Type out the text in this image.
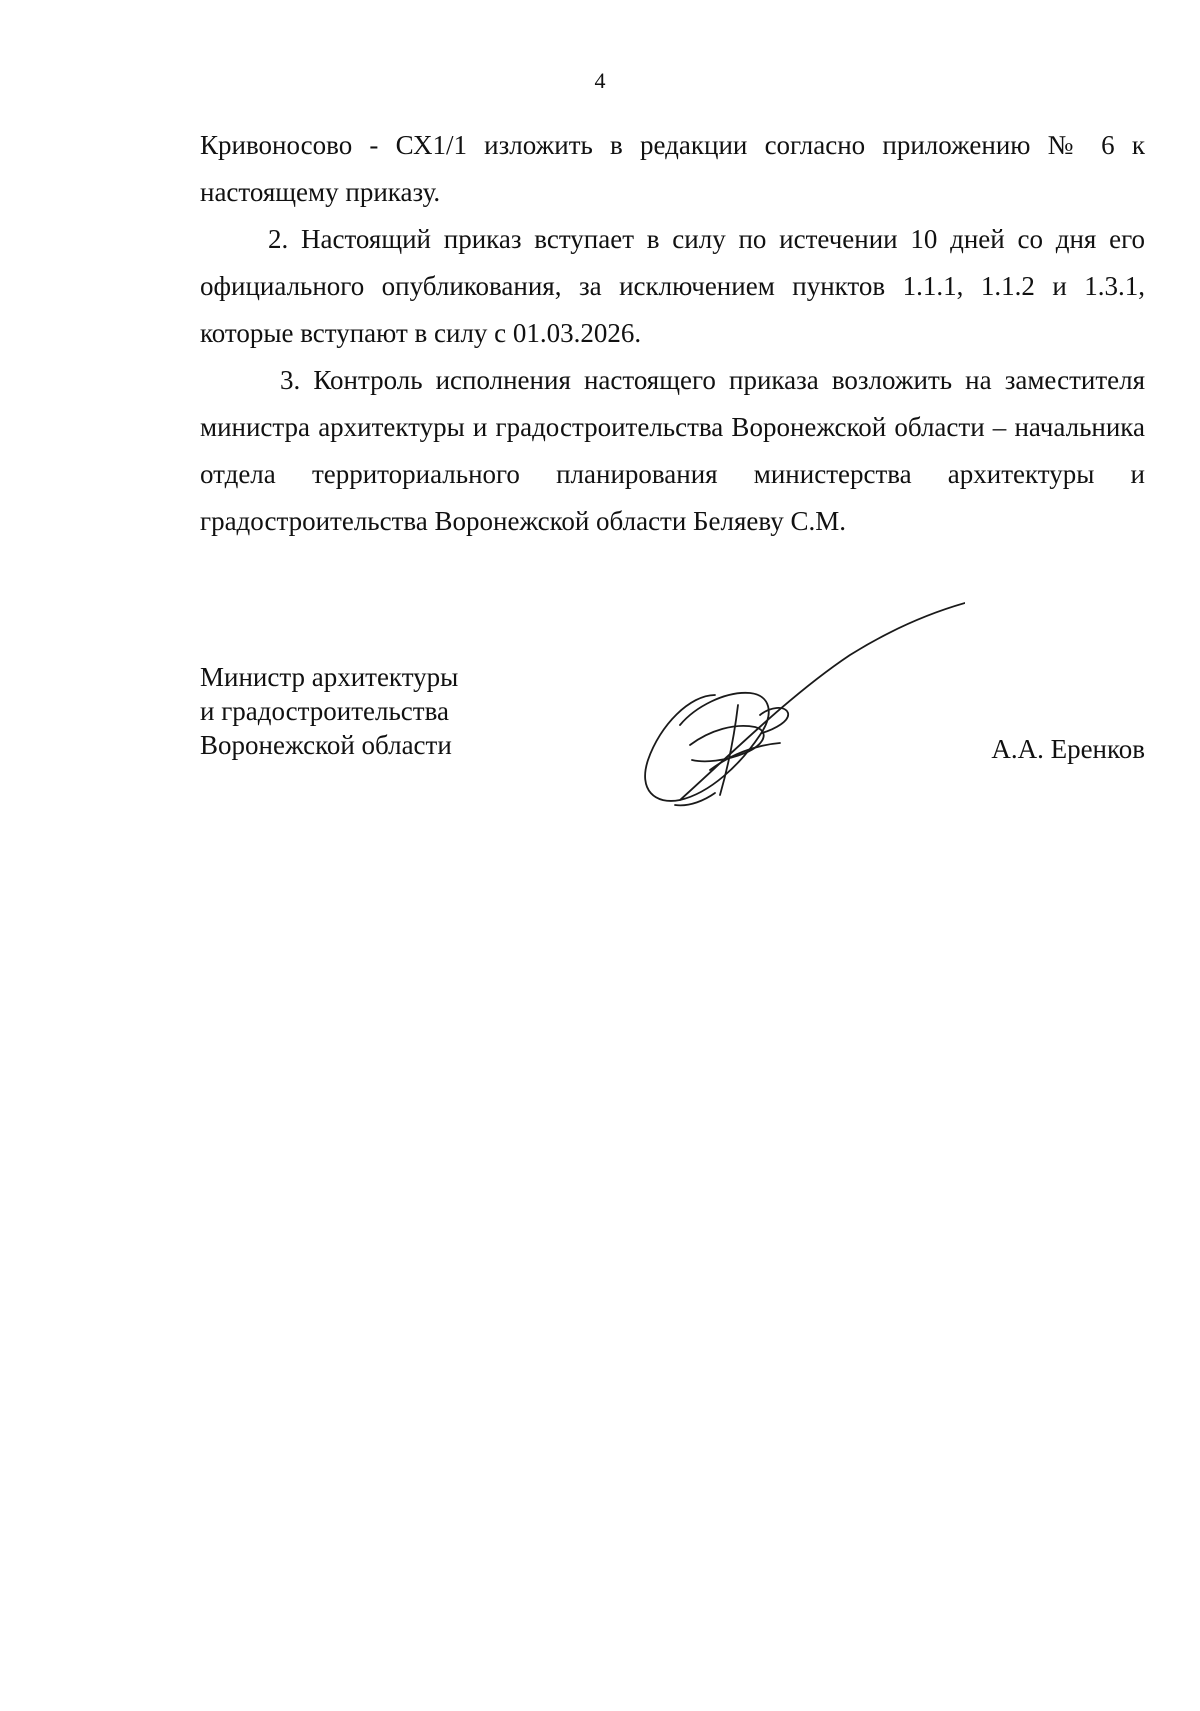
4

Кривоносово - СХ1/1 изложить в редакции согласно приложению № 6 к настоящему приказу.

2. Настоящий приказ вступает в силу по истечении 10 дней со дня его официального опубликования, за исключением пунктов 1.1.1, 1.1.2 и 1.3.1, которые вступают в силу с 01.03.2026.

3. Контроль исполнения настоящего приказа возложить на заместителя министра архитектуры и градостроительства Воронежской области – начальника отдела территориального планирования министерства архитектуры и градостроительства Воронежской области Беляеву С.М.

Министр архитектуры
и градостроительства
Воронежской области	А.А. Еренков
